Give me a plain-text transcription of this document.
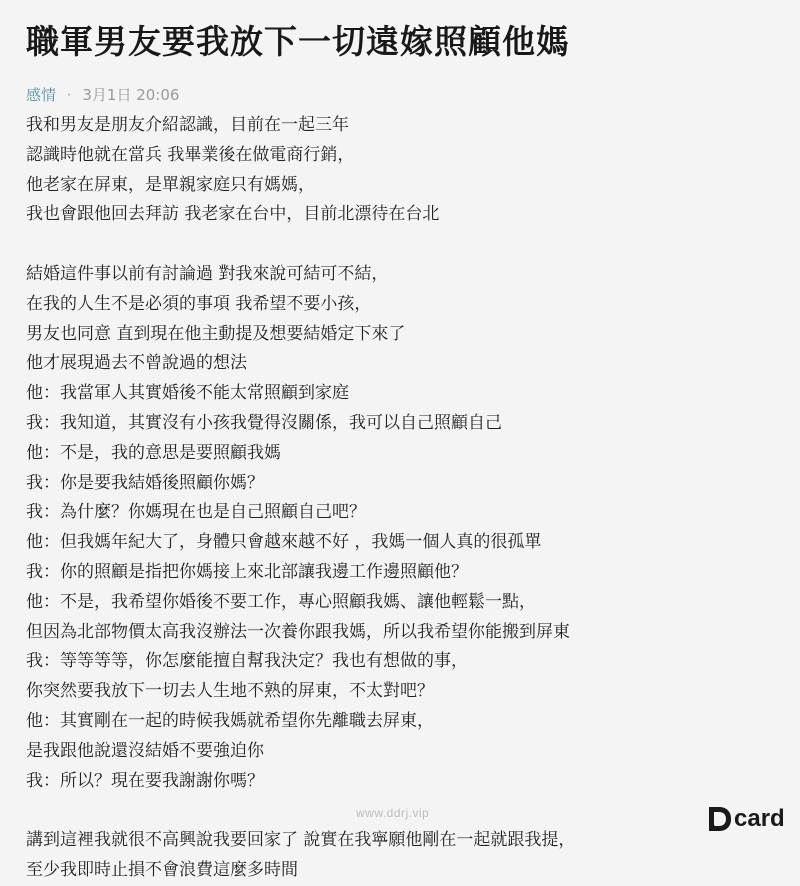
職軍男友要我放下一切遠嫁照顧他媽
感情 · 3月1日 20:06
我和男友是朋友介紹認識，目前在一起三年
認識時他就在當兵 我畢業後在做電商行銷，
他老家在屏東，是單親家庭只有媽媽，
我也會跟他回去拜訪 我老家在台中，目前北漂待在台北
結婚這件事以前有討論過 對我來說可結可不結，
在我的人生不是必須的事項 我希望不要小孩，
男友也同意 直到現在他主動提及想要結婚定下來了
他才展現過去不曾說過的想法
他：我當軍人其實婚後不能太常照顧到家庭
我：我知道，其實沒有小孩我覺得沒關係，我可以自己照顧自己
他：不是，我的意思是要照顧我媽
我：你是要我結婚後照顧你媽？
我：為什麼？你媽現在也是自己照顧自己吧？
他：但我媽年紀大了，身體只會越來越不好 ，我媽一個人真的很孤單
我：你的照顧是指把你媽接上來北部讓我邊工作邊照顧他？
他：不是，我希望你婚後不要工作，專心照顧我媽、讓他輕鬆一點，
但因為北部物價太高我沒辦法一次養你跟我媽，所以我希望你能搬到屏東
我：等等等等，你怎麼能擅自幫我決定？我也有想做的事，
你突然要我放下一切去人生地不熟的屏東，不太對吧？
他：其實剛在一起的時候我媽就希望你先離職去屏東，
是我跟他說還沒結婚不要強迫你
我：所以？現在要我謝謝你嗎？
講到這裡我就很不高興說我要回家了 說實在我寧願他剛在一起就跟我提，
至少我即時止損不會浪費這麼多時間
www.ddrj.vip	card
